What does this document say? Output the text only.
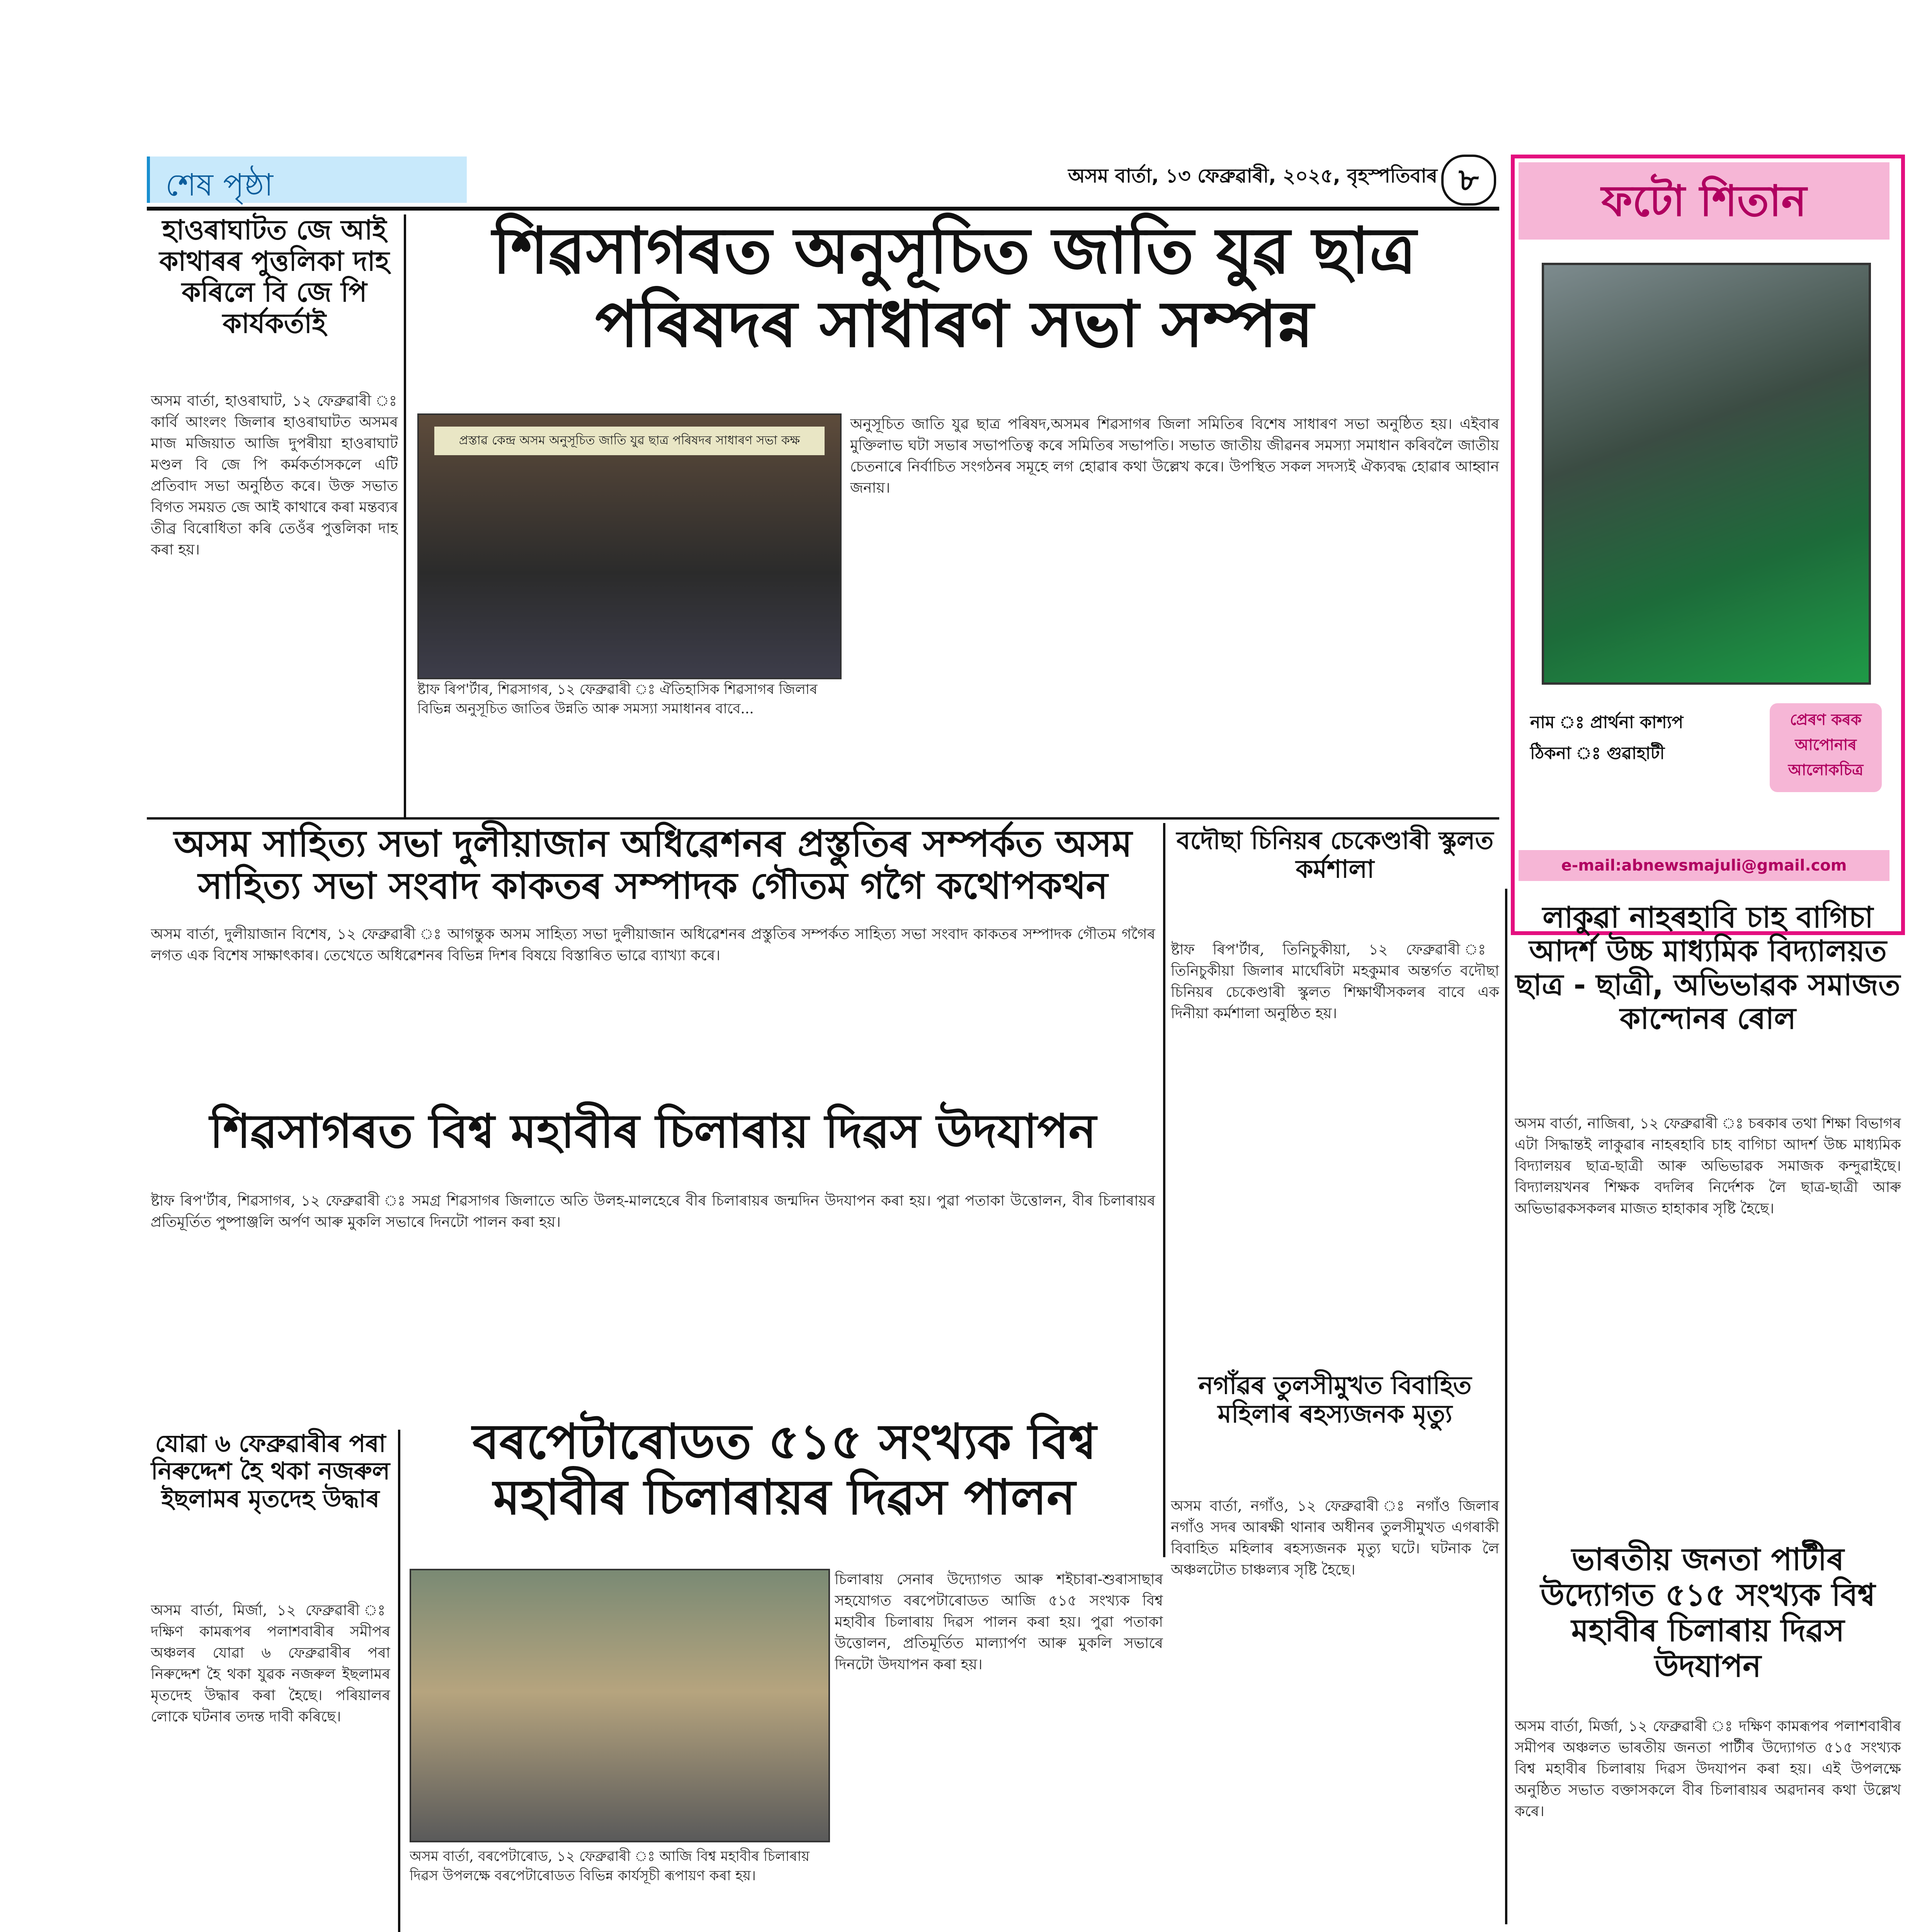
শেষ পৃষ্ঠা	অসম বাৰ্তা, ১৩ ফেব্ৰুৱাৰী, ২০২৫, বৃহস্পতিবাৰ ৮
হাওৰাঘাটত জে আই কাথাৰৰ পুত্তলিকা দাহ কৰিলে বি জে পি কাৰ্যকৰ্তাই
অসম বাৰ্তা, হাওৰাঘাট, ১২ ফেব্ৰুৱাৰী ঃ কাৰ্বি আংলং জিলাৰ হাওৰাঘাটত অসমৰ মাজ মজিয়াত আজি দুপৰীয়া হাওৰাঘাট মণ্ডল বি জে পি কৰ্মকৰ্তাসকলে এটি প্ৰতিবাদ সভা অনুষ্ঠিত কৰে। উক্ত সভাত বিগত সময়ত জে আই কাথাৰে কৰা মন্তব্যৰ তীব্ৰ বিৰোধিতা কৰি তেওঁৰ পুত্তলিকা দাহ কৰা হয়।
শিৱসাগৰত অনুসূচিত জাতি যুৱ ছাত্ৰ পৰিষদৰ সাধাৰণ সভা সম্পন্ন
প্ৰস্তাৱ কেন্দ্ৰ অসম অনুসূচিত জাতি যুৱ ছাত্ৰ পৰিষদৰ সাধাৰণ সভা কক্ষ
ষ্টাফ ৰিপ'ৰ্টাৰ, শিৱসাগৰ, ১২ ফেব্ৰুৱাৰী ঃ ঐতিহাসিক শিৱসাগৰ জিলাৰ বিভিন্ন অনুসূচিত জাতিৰ উন্নতি আৰু সমস্যা সমাধানৰ বাবে...
অনুসূচিত জাতি যুৱ ছাত্ৰ পৰিষদ,অসমৰ শিৱসাগৰ জিলা সমিতিৰ বিশেষ সাধাৰণ সভা অনুষ্ঠিত হয়। এইবাৰ মুক্তিলাভ ঘটা সভাৰ সভাপতিত্ব কৰে সমিতিৰ সভাপতি। সভাত জাতীয় জীৱনৰ সমস্যা সমাধান কৰিবলৈ জাতীয় চেতনাৰে নিৰ্বাচিত সংগঠনৰ সমূহে লগ হোৱাৰ কথা উল্লেখ কৰে। উপস্থিত সকল সদস্যই ঐক্যবদ্ধ হোৱাৰ আহ্বান জনায়।
অসম সাহিত্য সভা দুলীয়াজান অধিৱেশনৰ প্ৰস্তুতিৰ সম্পৰ্কত অসম সাহিত্য সভা সংবাদ কাকতৰ সম্পাদক গৌতম গগৈ কথোপকথন
অসম বাৰ্তা, দুলীয়াজান বিশেষ, ১২ ফেব্ৰুৱাৰী ঃ আগন্তুক অসম সাহিত্য সভা দুলীয়াজান অধিৱেশনৰ প্ৰস্তুতিৰ সম্পৰ্কত সাহিত্য সভা সংবাদ কাকতৰ সম্পাদক গৌতম গগৈৰ লগত এক বিশেষ সাক্ষাৎকাৰ। তেখেতে অধিৱেশনৰ বিভিন্ন দিশৰ বিষয়ে বিস্তাৰিত ভাৱে ব্যাখ্যা কৰে।
শিৱসাগৰত বিশ্ব মহাবীৰ চিলাৰায় দিৱস উদযাপন
ষ্টাফ ৰিপ'ৰ্টাৰ, শিৱসাগৰ, ১২ ফেব্ৰুৱাৰী ঃ সমগ্ৰ শিৱসাগৰ জিলাতে অতি উলহ-মালহেৰে বীৰ চিলাৰায়ৰ জন্মদিন উদযাপন কৰা হয়। পুৱা পতাকা উত্তোলন, বীৰ চিলাৰায়ৰ প্ৰতিমূৰ্তিত পুষ্পাঞ্জলি অৰ্পণ আৰু মুকলি সভাৰে দিনটো পালন কৰা হয়।
বদৌছা চিনিয়ৰ চেকেণ্ডাৰী স্কুলত কৰ্মশালা
ষ্টাফ ৰিপ'ৰ্টাৰ, তিনিচুকীয়া, ১২ ফেব্ৰুৱাৰী ঃ তিনিচুকীয়া জিলাৰ মাৰ্ঘেৰিটা মহকুমাৰ অন্তৰ্গত বদৌছা চিনিয়ৰ চেকেণ্ডাৰী স্কুলত শিক্ষাৰ্থীসকলৰ বাবে এক দিনীয়া কৰ্মশালা অনুষ্ঠিত হয়।
নগাঁৱৰ তুলসীমুখত বিবাহিত মহিলাৰ ৰহস্যজনক মৃত্যু
অসম বাৰ্তা, নগাঁও, ১২ ফেব্ৰুৱাৰী ঃ নগাঁও জিলাৰ নগাঁও সদৰ আৰক্ষী থানাৰ অধীনৰ তুলসীমুখত এগৰাকী বিবাহিত মহিলাৰ ৰহস্যজনক মৃত্যু ঘটে। ঘটনাক লৈ অঞ্চলটোত চাঞ্চল্যৰ সৃষ্টি হৈছে।
যোৱা ৬ ফেব্ৰুৱাৰীৰ পৰা নিৰুদ্দেশ হৈ থকা নজৰুল ইছলামৰ মৃতদেহ উদ্ধাৰ
অসম বাৰ্তা, মিৰ্জা, ১২ ফেব্ৰুৱাৰী ঃ দক্ষিণ কামৰূপৰ পলাশবাৰীৰ সমীপৰ অঞ্চলৰ যোৱা ৬ ফেব্ৰুৱাৰীৰ পৰা নিৰুদ্দেশ হৈ থকা যুৱক নজৰুল ইছলামৰ মৃতদেহ উদ্ধাৰ কৰা হৈছে। পৰিয়ালৰ লোকে ঘটনাৰ তদন্ত দাবী কৰিছে।
বৰপেটাৰোডত ৫১৫ সংখ্যক বিশ্ব মহাবীৰ চিলাৰায়ৰ দিৱস পালন
অসম বাৰ্তা, বৰপেটাৰোড, ১২ ফেব্ৰুৱাৰী ঃ আজি বিশ্ব মহাবীৰ চিলাৰায় দিৱস উপলক্ষে বৰপেটাৰোডত বিভিন্ন কাৰ্যসূচী ৰূপায়ণ কৰা হয়।
চিলাৰায় সেনাৰ উদ্যোগত আৰু শইচাৰা-শুৰাসাছাৰ সহযোগত বৰপেটাৰোডত আজি ৫১৫ সংখ্যক বিশ্ব মহাবীৰ চিলাৰায় দিৱস পালন কৰা হয়। পুৱা পতাকা উত্তোলন, প্ৰতিমূৰ্তিত মাল্যাৰ্পণ আৰু মুকলি সভাৰে দিনটো উদযাপন কৰা হয়।
ফটো শিতান
নাম ঃ প্ৰাৰ্থনা কাশ্যপ
ঠিকনা ঃ গুৱাহাটী
প্ৰেৰণ কৰক আপোনাৰ আলোকচিত্ৰ
e-mail:abnewsmajuli@gmail.com
লাকুৱা নাহৰহাবি চাহ বাগিচা আদৰ্শ উচ্চ মাধ্যমিক বিদ্যালয়ত ছাত্ৰ - ছাত্ৰী, অভিভাৱক সমাজত কান্দোনৰ ৰোল
অসম বাৰ্তা, নাজিৰা, ১২ ফেব্ৰুৱাৰী ঃ চৰকাৰ তথা শিক্ষা বিভাগৰ এটা সিদ্ধান্তই লাকুৱাৰ নাহৰহাবি চাহ বাগিচা আদৰ্শ উচ্চ মাধ্যমিক বিদ্যালয়ৰ ছাত্ৰ-ছাত্ৰী আৰু অভিভাৱক সমাজক কন্দুৱাইছে। বিদ্যালয়খনৰ শিক্ষক বদলিৰ নিৰ্দেশক লৈ ছাত্ৰ-ছাত্ৰী আৰু অভিভাৱকসকলৰ মাজত হাহাকাৰ সৃষ্টি হৈছে।
ভাৰতীয় জনতা পাৰ্টীৰ উদ্যোগত ৫১৫ সংখ্যক বিশ্ব মহাবীৰ চিলাৰায় দিৱস উদযাপন
অসম বাৰ্তা, মিৰ্জা, ১২ ফেব্ৰুৱাৰী ঃ দক্ষিণ কামৰূপৰ পলাশবাৰীৰ সমীপৰ অঞ্চলত ভাৰতীয় জনতা পাৰ্টীৰ উদ্যোগত ৫১৫ সংখ্যক বিশ্ব মহাবীৰ চিলাৰায় দিৱস উদযাপন কৰা হয়। এই উপলক্ষে অনুষ্ঠিত সভাত বক্তাসকলে বীৰ চিলাৰায়ৰ অৱদানৰ কথা উল্লেখ কৰে।
